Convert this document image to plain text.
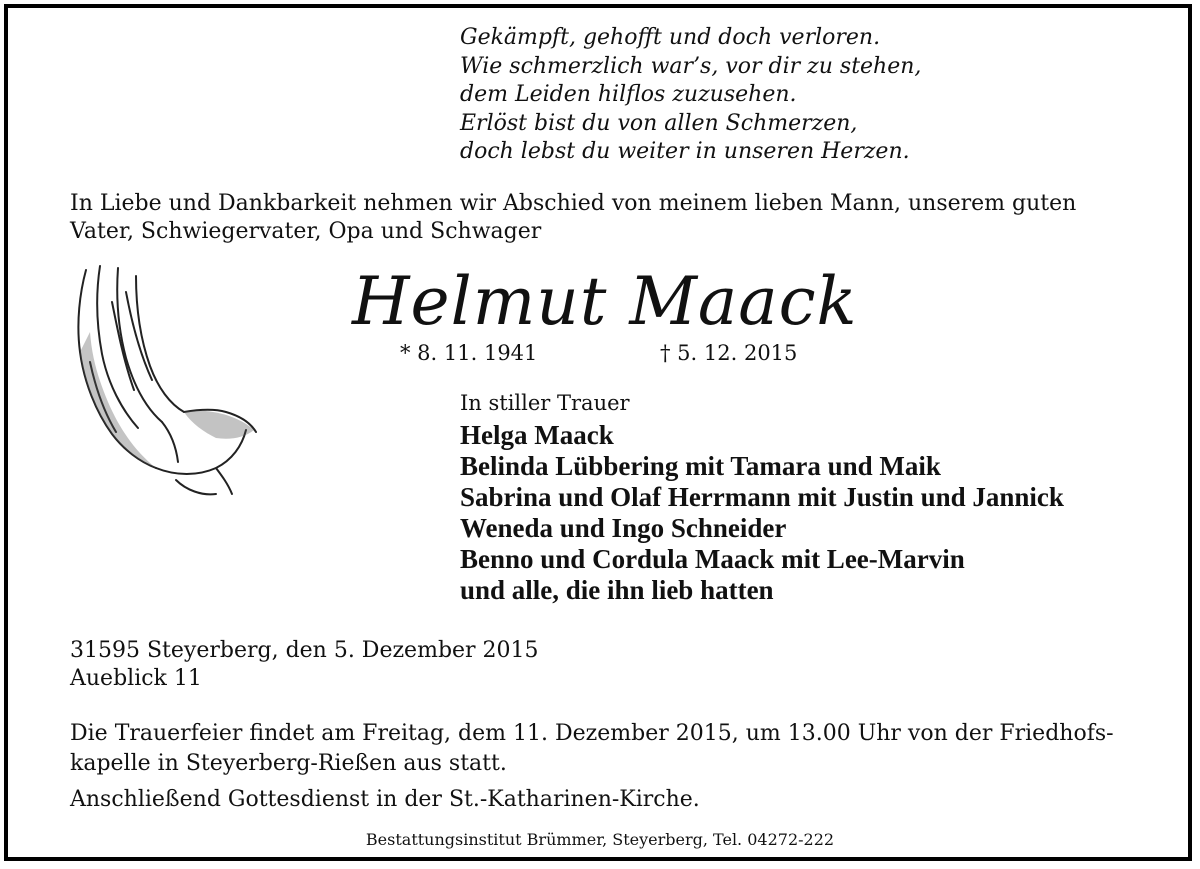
Gekämpft, gehofft und doch verloren.
Wie schmerzlich war’s, vor dir zu stehen,
dem Leiden hilflos zuzusehen.
Erlöst bist du von allen Schmerzen,
doch lebst du weiter in unseren Herzen.
In Liebe und Dankbarkeit nehmen wir Abschied von meinem lieben Mann, unserem guten Vater, Schwiegervater, Opa und Schwager
Helmut Maack
* 8. 11. 1941	† 5. 12. 2015
In stiller Trauer
Helga Maack
Belinda Lübbering mit Tamara und Maik
Sabrina und Olaf Herrmann mit Justin und Jannick
Weneda und Ingo Schneider
Benno und Cordula Maack mit Lee-Marvin
und alle, die ihn lieb hatten
31595 Steyerberg, den 5. Dezember 2015
Aueblick 11
Die Trauerfeier findet am Freitag, dem 11. Dezember 2015, um 13.00 Uhr von der Friedhofs-kapelle in Steyerberg-Rießen aus statt.
Anschließend Gottesdienst in der St.-Katharinen-Kirche.
Bestattungsinstitut Brümmer, Steyerberg, Tel. 04272-222
